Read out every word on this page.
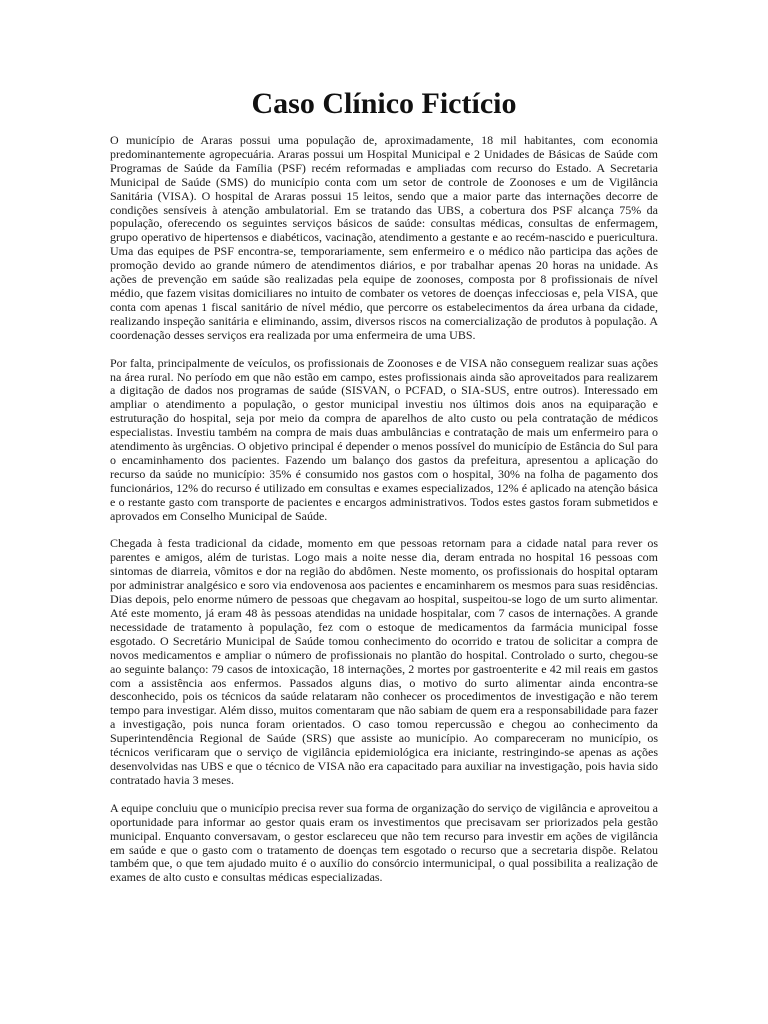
Caso Clínico Fictício

O município de Araras possui uma população de, aproximadamente, 18 mil habitantes, com economia predominantemente agropecuária. Araras possui um Hospital Municipal e 2 Unidades de Básicas de Saúde com Programas de Saúde da Família (PSF) recém reformadas e ampliadas com recurso do Estado. A Secretaria Municipal de Saúde (SMS) do município conta com um setor de controle de Zoonoses e um de Vigilância Sanitária (VISA). O hospital de Araras possui 15 leitos, sendo que a maior parte das internações decorre de condições sensíveis à atenção ambulatorial. Em se tratando das UBS, a cobertura dos PSF alcança 75% da população, oferecendo os seguintes serviços básicos de saúde: consultas médicas, consultas de enfermagem, grupo operativo de hipertensos e diabéticos, vacinação, atendimento a gestante e ao recém-nascido e puericultura. Uma das equipes de PSF encontra-se, temporariamente, sem enfermeiro e o médico não participa das ações de promoção devido ao grande número de atendimentos diários, e por trabalhar apenas 20 horas na unidade. As ações de prevenção em saúde são realizadas pela equipe de zoonoses, composta por 8 profissionais de nível médio, que fazem visitas domiciliares no intuito de combater os vetores de doenças infecciosas e, pela VISA, que conta com apenas 1 fiscal sanitário de nível médio, que percorre os estabelecimentos da área urbana da cidade, realizando inspeção sanitária e eliminando, assim, diversos riscos na comercialização de produtos à população. A coordenação desses serviços era realizada por uma enfermeira de uma UBS.

Por falta, principalmente de veículos, os profissionais de Zoonoses e de VISA não conseguem realizar suas ações na área rural. No período em que não estão em campo, estes profissionais ainda são aproveitados para realizarem a digitação de dados nos programas de saúde (SISVAN, o PCFAD, o SIA-SUS, entre outros). Interessado em ampliar o atendimento a população, o gestor municipal investiu nos últimos dois anos na equiparação e estruturação do hospital, seja por meio da compra de aparelhos de alto custo ou pela contratação de médicos especialistas. Investiu também na compra de mais duas ambulâncias e contratação de mais um enfermeiro para o atendimento às urgências. O objetivo principal é depender o menos possível do município de Estância do Sul para o encaminhamento dos pacientes. Fazendo um balanço dos gastos da prefeitura, apresentou a aplicação do recurso da saúde no município: 35% é consumido nos gastos com o hospital, 30% na folha de pagamento dos funcionários, 12% do recurso é utilizado em consultas e exames especializados, 12% é aplicado na atenção básica e o restante gasto com transporte de pacientes e encargos administrativos. Todos estes gastos foram submetidos e aprovados em Conselho Municipal de Saúde.

Chegada à festa tradicional da cidade, momento em que pessoas retornam para a cidade natal para rever os parentes e amigos, além de turistas. Logo mais a noite nesse dia, deram entrada no hospital 16 pessoas com sintomas de diarreia, vômitos e dor na região do abdômen. Neste momento, os profissionais do hospital optaram por administrar analgésico e soro via endovenosa aos pacientes e encaminharem os mesmos para suas residências. Dias depois, pelo enorme número de pessoas que chegavam ao hospital, suspeitou-se logo de um surto alimentar. Até este momento, já eram 48 às pessoas atendidas na unidade hospitalar, com 7 casos de internações. A grande necessidade de tratamento à população, fez com o estoque de medicamentos da farmácia municipal fosse esgotado. O Secretário Municipal de Saúde tomou conhecimento do ocorrido e tratou de solicitar a compra de novos medicamentos e ampliar o número de profissionais no plantão do hospital. Controlado o surto, chegou-se ao seguinte balanço: 79 casos de intoxicação, 18 internações, 2 mortes por gastroenterite e 42 mil reais em gastos com a assistência aos enfermos. Passados alguns dias, o motivo do surto alimentar ainda encontra-se desconhecido, pois os técnicos da saúde relataram não conhecer os procedimentos de investigação e não terem tempo para investigar. Além disso, muitos comentaram que não sabiam de quem era a responsabilidade para fazer a investigação, pois nunca foram orientados. O caso tomou repercussão e chegou ao conhecimento da Superintendência Regional de Saúde (SRS) que assiste ao município. Ao compareceram no município, os técnicos verificaram que o serviço de vigilância epidemiológica era iniciante, restringindo-se apenas as ações desenvolvidas nas UBS e que o técnico de VISA não era capacitado para auxiliar na investigação, pois havia sido contratado havia 3 meses.

A equipe concluiu que o município precisa rever sua forma de organização do serviço de vigilância e aproveitou a oportunidade para informar ao gestor quais eram os investimentos que precisavam ser priorizados pela gestão municipal. Enquanto conversavam, o gestor esclareceu que não tem recurso para investir em ações de vigilância em saúde e que o gasto com o tratamento de doenças tem esgotado o recurso que a secretaria dispõe. Relatou também que, o que tem ajudado muito é o auxílio do consórcio intermunicipal, o qual possibilita a realização de exames de alto custo e consultas médicas especializadas.
